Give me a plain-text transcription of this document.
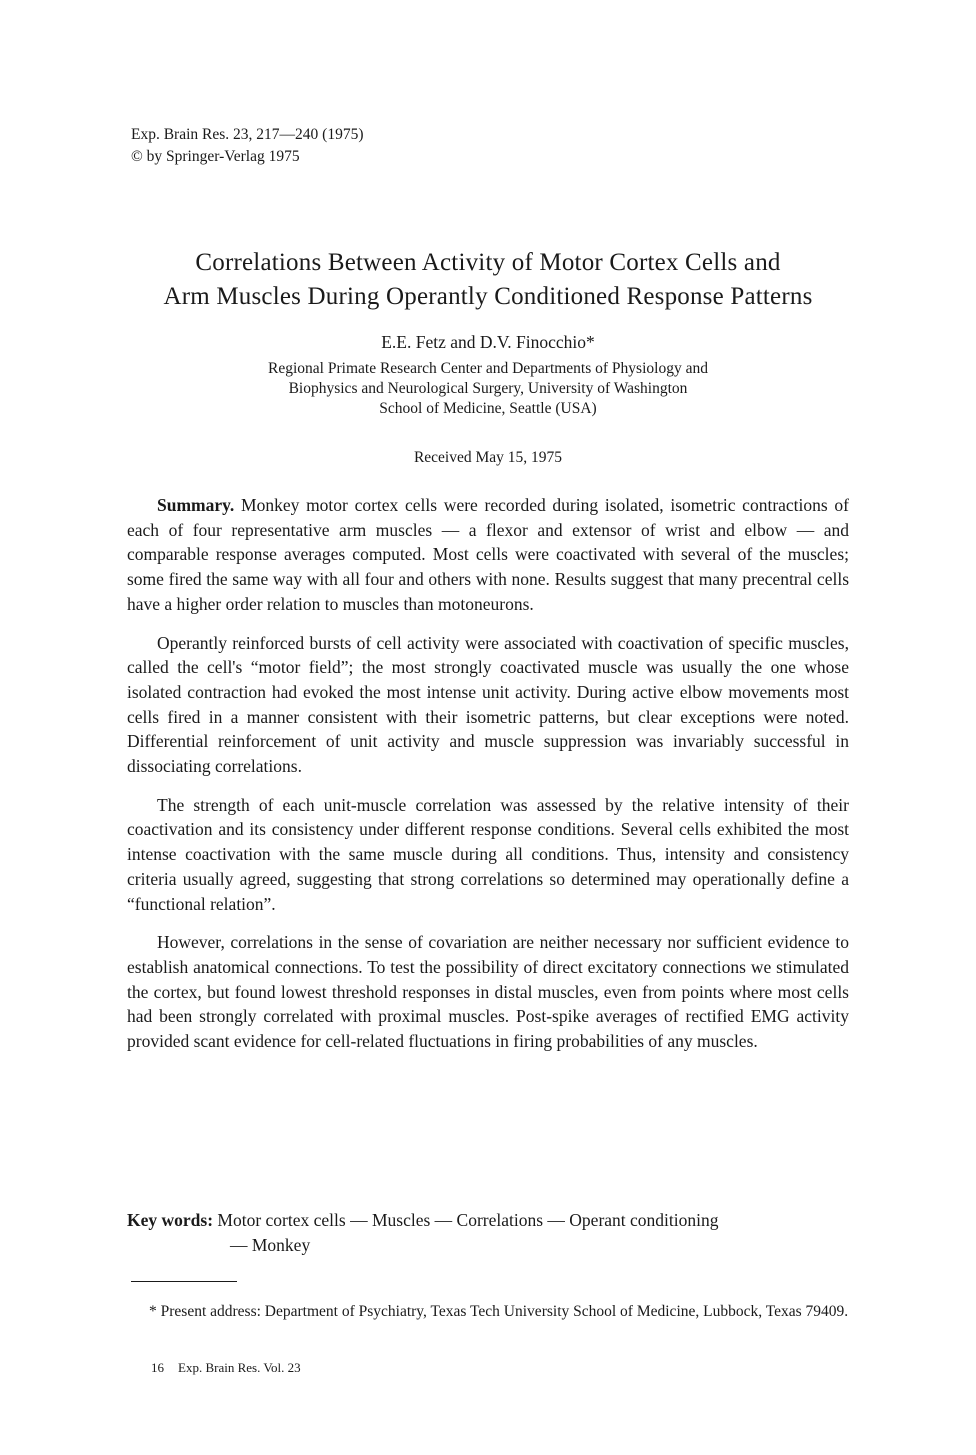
Exp. Brain Res. 23, 217—240 (1975)
© by Springer-Verlag 1975
Correlations Between Activity of Motor Cortex Cells and
Arm Muscles During Operantly Conditioned Response Patterns
E.E. Fetz and D.V. Finocchio*
Regional Primate Research Center and Departments of Physiology and
Biophysics and Neurological Surgery, University of Washington
School of Medicine, Seattle (USA)
Received May 15, 1975

Summary. Monkey motor cortex cells were recorded during isolated, isometric contractions of each of four representative arm muscles — a flexor and extensor of wrist and elbow — and comparable response averages computed. Most cells were coactivated with several of the muscles; some fired the same way with all four and others with none. Results suggest that many precentral cells have a higher order relation to muscles than motoneurons.

Operantly reinforced bursts of cell activity were associated with coactivation of specific muscles, called the cell's “motor field”; the most strongly coactivated muscle was usually the one whose isolated contraction had evoked the most intense unit activity. During active elbow movements most cells fired in a manner consistent with their isometric patterns, but clear exceptions were noted. Differential reinforcement of unit activity and muscle suppression was invariably successful in dissociating correlations.

The strength of each unit-muscle correlation was assessed by the relative intensity of their coactivation and its consistency under different response conditions. Several cells exhibited the most intense coactivation with the same muscle during all conditions. Thus, intensity and consistency criteria usually agreed, suggesting that strong correlations so determined may operationally define a “functional relation”.

However, correlations in the sense of covariation are neither necessary nor sufficient evidence to establish anatomical connections. To test the possibility of direct excitatory connections we stimulated the cortex, but found lowest threshold responses in distal muscles, even from points where most cells had been strongly correlated with proximal muscles. Post-spike averages of rectified EMG activity provided scant evidence for cell-related fluctuations in firing probabilities of any muscles.

Key words: Motor cortex cells — Muscles — Correlations — Operant conditioning
— Monkey

* Present address: Department of Psychiatry, Texas Tech University School of Medicine, Lubbock, Texas 79409.

16 Exp. Brain Res. Vol. 23
